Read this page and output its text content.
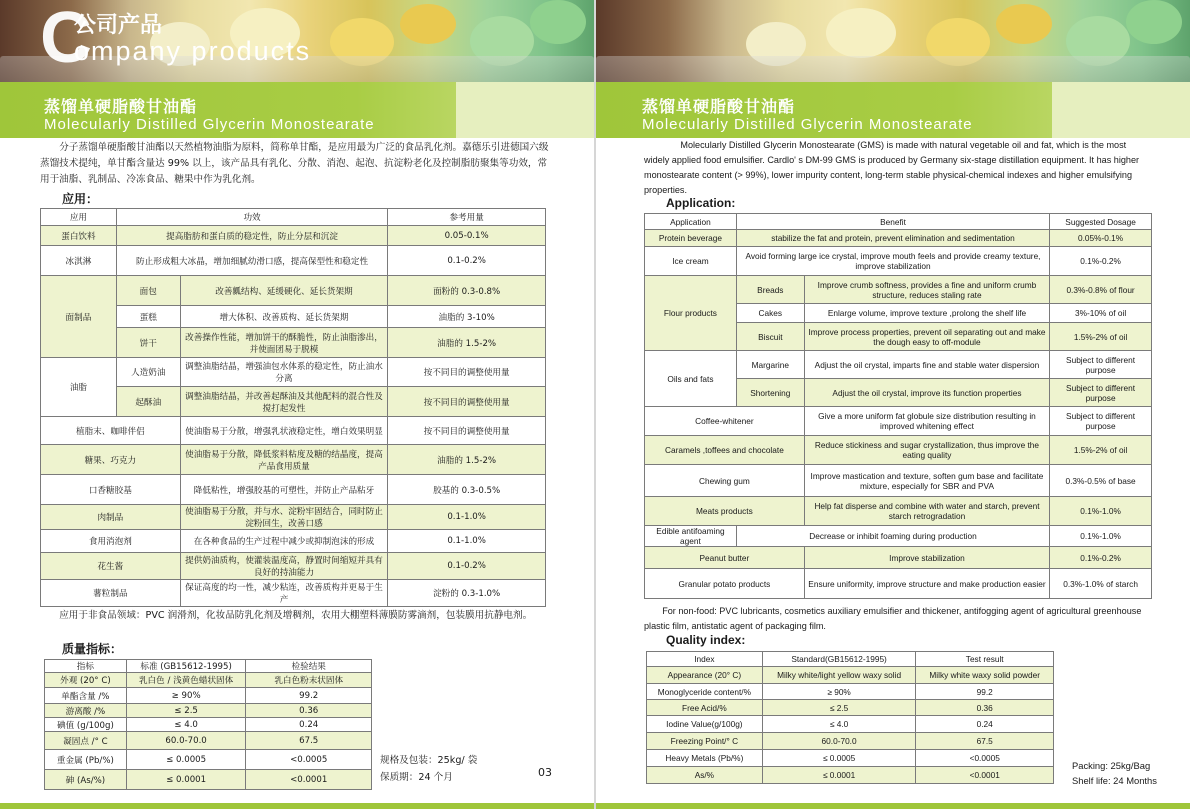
C
公司产品
ompany products
蒸馏单硬脂酸甘油酯
Molecularly Distilled Glycerin Monostearate
分子蒸馏单硬脂酸甘油酯以天然植物油脂为原料，简称单甘酯，是应用最为广泛的食品乳化剂。嘉德乐引进德国六级蒸馏技术提纯，单甘酯含量达 99% 以上，该产品具有乳化、分散、消泡、起泡、抗淀粉老化及控制脂肪聚集等功效，常用于油脂、乳制品、冷冻食品、糖果中作为乳化剂。
应用：
应用	功效		参考用量
蛋白饮料	提高脂肪和蛋白质的稳定性，防止分层和沉淀		0.05-0.1%
冰淇淋	防止形成粗大冰晶，增加细腻幼滑口感，提高保型性和稳定性		0.1-0.2%
面制品	面包	改善瓤结构、延缓硬化、延长货架期	面粉的 0.3-0.8%
	蛋糕	增大体积、改善质构、延长货架期	油脂的 3-10%
	饼干	改善操作性能，增加饼干的酥脆性，防止油脂渗出，并使面团易于脱模	油脂的 1.5-2%
油脂	人造奶油	调整油脂结晶，增强油包水体系的稳定性，防止油水分离	按不同目的调整使用量
	起酥油	调整油脂结晶，并改善起酥油及其他配料的混合性及搅打起发性	按不同目的调整使用量
植脂末、咖啡伴侣		使油脂易于分散，增强乳状液稳定性，增白效果明显	按不同目的调整使用量
糖果、巧克力		使油脂易于分散，降低浆料粘度及糖的结晶度，提高产品食用质量	油脂的 1.5-2%
口香糖胶基		降低粘性，增强胶基的可塑性，并防止产品粘牙	胶基的 0.3-0.5%
肉制品		使油脂易于分散，并与水、淀粉牢固结合，同时防止淀粉回生，改善口感	0.1-1.0%
食用消泡剂		在各种食品的生产过程中减少或抑制泡沫的形成	0.1-1.0%
花生酱		提供奶油质构，使灌装温度高，静置时间缩短并具有良好的持油能力	0.1-0.2%
薯粒制品		保证高度的均一性，减少粘连，改善质构并更易于生产	淀粉的 0.3-1.0%
应用于非食品领域：PVC 润滑剂，化妆品防乳化剂及增稠剂，农用大棚塑料薄膜防雾滴剂，包装膜用抗静电剂。
质量指标：
指标	标准 (GB15612-1995)	检验结果
外观 (20° C)	乳白色 / 浅黄色蜡状固体	乳白色粉末状固体
单酯含量 /%	≥ 90%	99.2
游离酸 /%	≤ 2.5	0.36
碘值 (g/100g)	≤ 4.0	0.24
凝固点 /° C	60.0-70.0	67.5
重金属 (Pb/%)	≤ 0.0005	<0.0005
砷 (As/%)	≤ 0.0001	<0.0001
规格及包装：25kg/ 袋
保质期：24 个月	03
蒸馏单硬脂酸甘油酯
Molecularly Distilled Glycerin Monostearate
Molecularly Distilled Glycerin Monostearate (GMS) is made with natural vegetable oil and fat, which is the most widely applied food emulsifier. Cardlo' s DM-99 GMS is produced by Germany six-stage distillation equipment. It has higher monostearate content (> 99%), lower impurity content, long-term stable physical-chemical indexes and higher emulsifying properties.
Application:
Application	Benefit		Suggested Dosage
Protein beverage	stabilize the fat and protein, prevent elimination and sedimentation		0.05%-0.1%
Ice cream	Avoid forming large ice crystal, improve mouth feels and provide creamy texture, improve stabilization		0.1%-0.2%
Flour products	Breads	Improve crumb softness, provides a fine and uniform crumb structure, reduces staling rate	0.3%-0.8% of flour
	Cakes	Enlarge volume, improve texture ,prolong the shelf life	3%-10% of oil
	Biscuit	Improve process properties, prevent oil separating out and make the dough easy to off-module	1.5%-2% of oil
Oils and fats	Margarine	Adjust the oil crystal, imparts fine and stable water dispersion	Subject to different purpose
	Shortening	Adjust the oil crystal, improve its function properties	Subject to different purpose
Coffee-whitener		Give a more uniform fat globule size distribution resulting in improved whitening effect	Subject to different purpose
Caramels ,toffees and chocolate		Reduce stickiness and sugar crystallization, thus improve the eating quality	1.5%-2% of oil
Chewing gum		Improve mastication and texture, soften gum base and facilitate mixture, especially for SBR and PVA	0.3%-0.5% of base
Meats products		Help fat disperse and combine with water and starch, prevent starch retrogradation	0.1%-1.0%
Edible antifoaming agent	Decrease or inhibit foaming during production		0.1%-1.0%
Peanut butter		Improve stabilization	0.1%-0.2%
Granular potato products		Ensure uniformity, improve structure and make production easier	0.3%-1.0% of starch
For non-food: PVC lubricants, cosmetics auxiliary emulsifier and thickener, antifogging agent of agricultural greenhouse plastic film, antistatic agent of packaging film.
Quality index:
Index	Standard(GB15612-1995)	Test result
Appearance (20° C)	Milky white/light yellow waxy solid	Milky white waxy solid powder
Monoglyceride content/%	≥ 90%	99.2
Free Acid/%	≤ 2.5	0.36
Iodine Value(g/100g)	≤ 4.0	0.24
Freezing Point/° C	60.0-70.0	67.5
Heavy Metals (Pb/%)	≤ 0.0005	<0.0005
As/%	≤ 0.0001	<0.0001
Packing: 25kg/Bag
Shelf life: 24 Months
